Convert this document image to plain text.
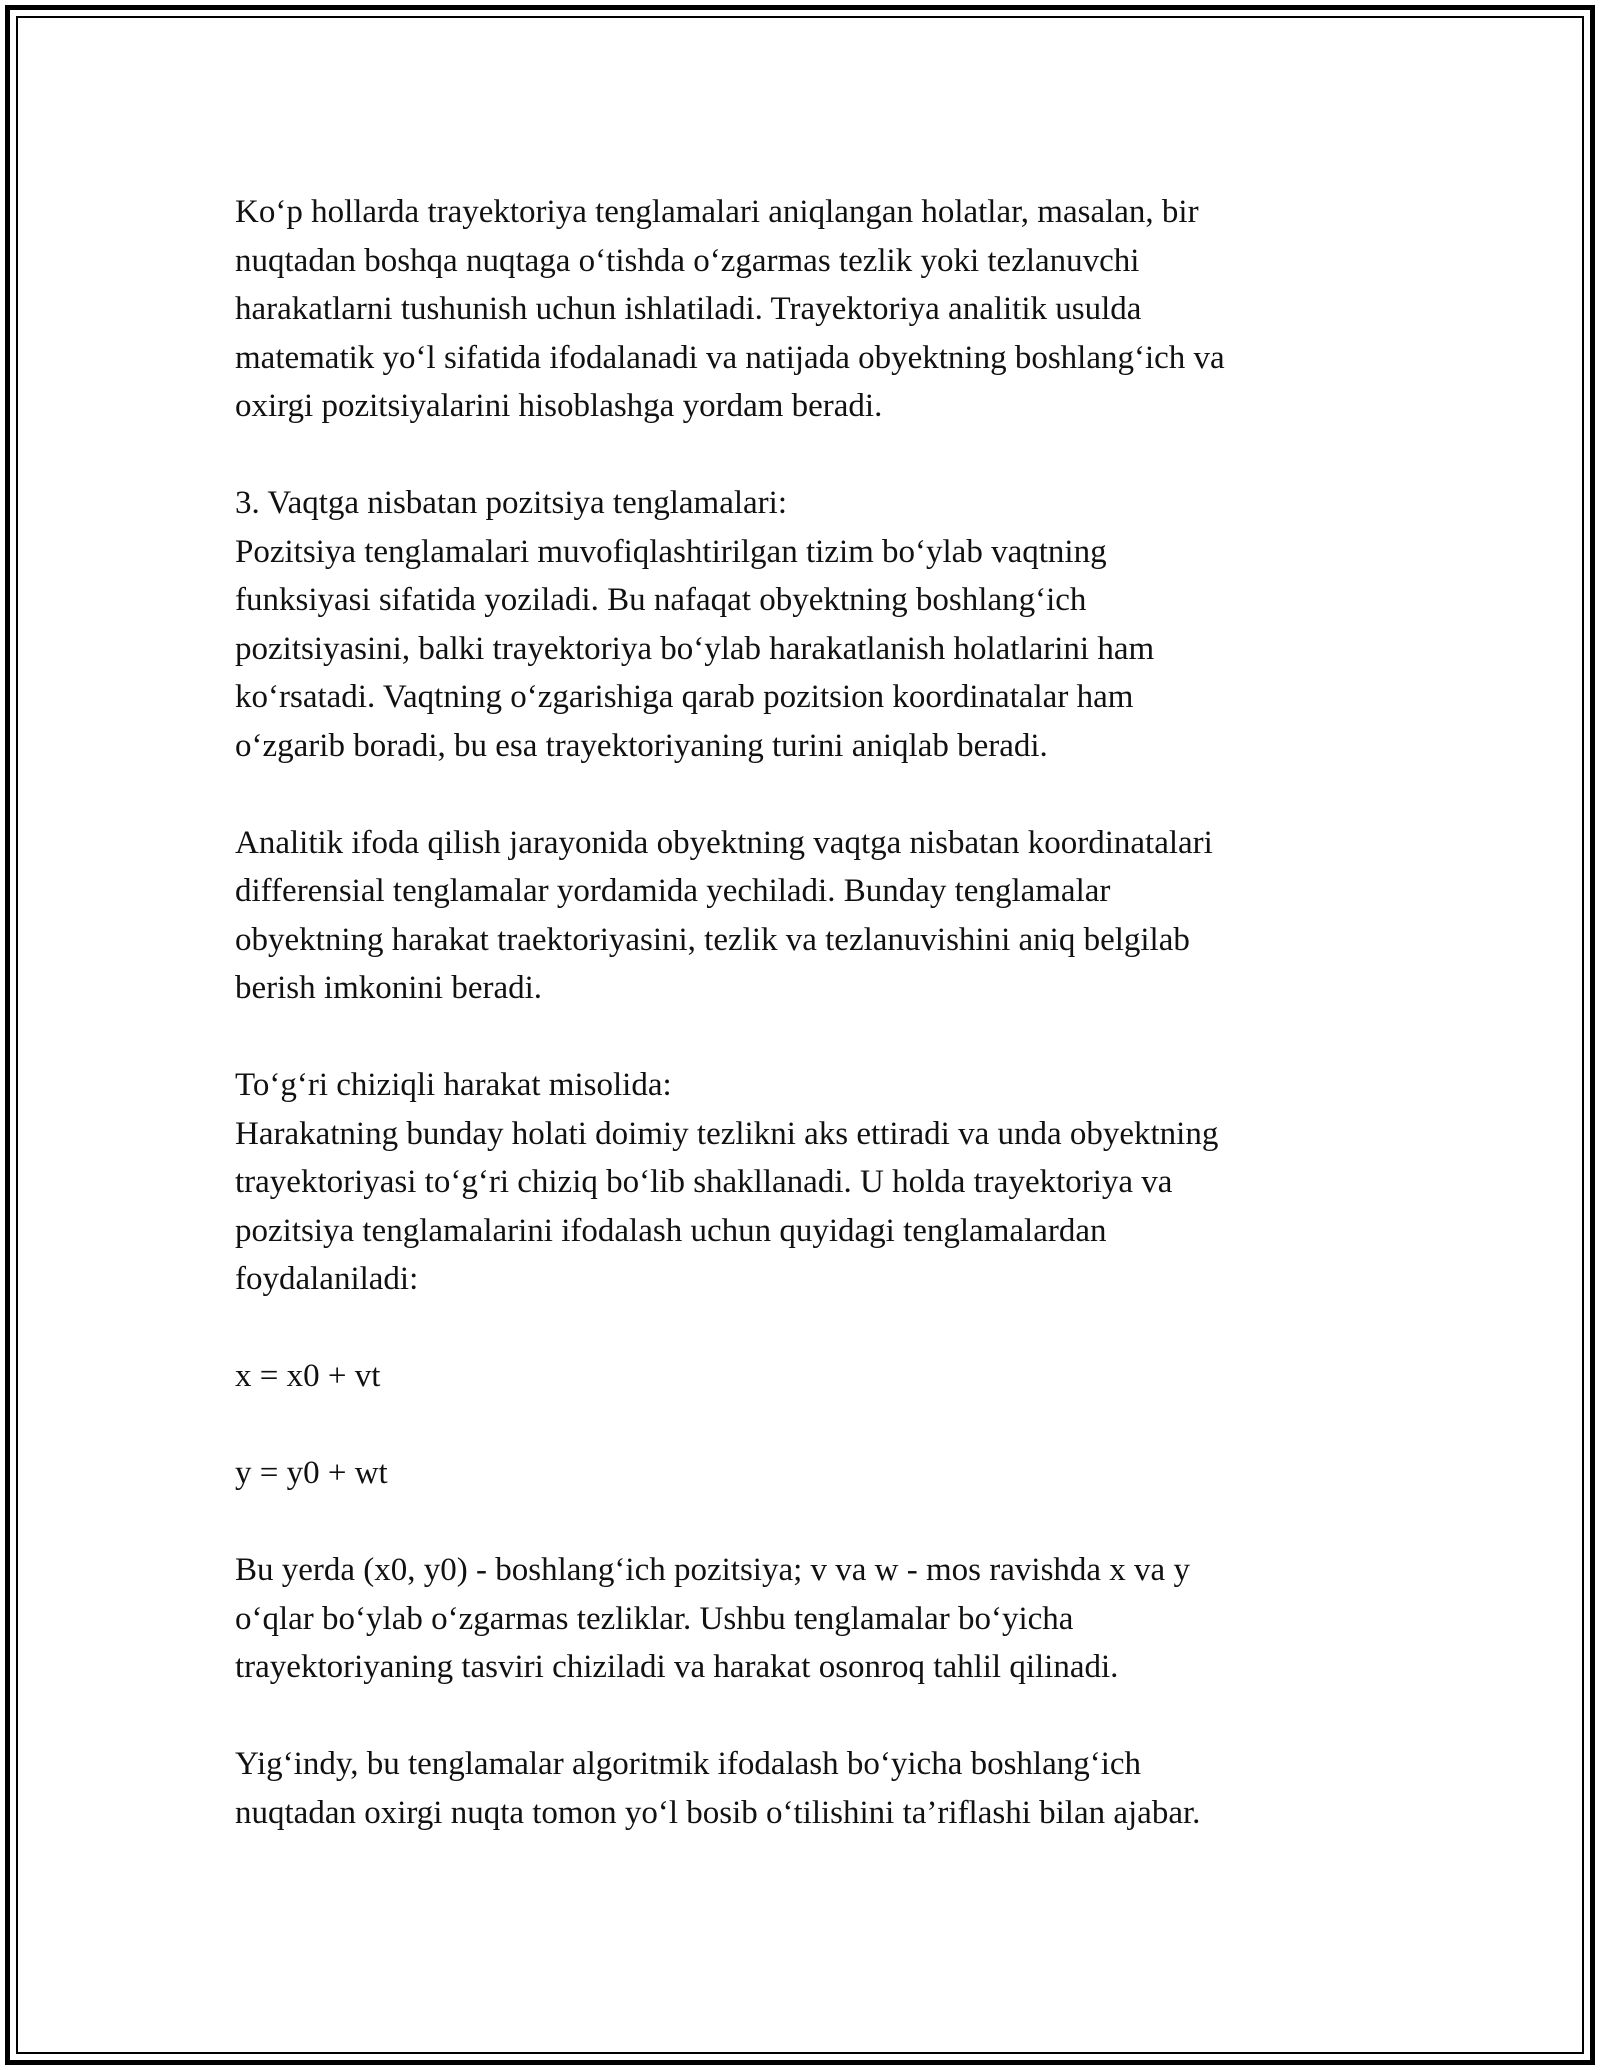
Ko‘p hollarda trayektoriya tenglamalari aniqlangan holatlar, masalan, bir
nuqtadan boshqa nuqtaga o‘tishda o‘zgarmas tezlik yoki tezlanuvchi
harakatlarni tushunish uchun ishlatiladi. Trayektoriya analitik usulda
matematik yo‘l sifatida ifodalanadi va natijada obyektning boshlang‘ich va
oxirgi pozitsiyalarini hisoblashga yordam beradi.

3. Vaqtga nisbatan pozitsiya tenglamalari:
Pozitsiya tenglamalari muvofiqlashtirilgan tizim bo‘ylab vaqtning
funksiyasi sifatida yoziladi. Bu nafaqat obyektning boshlang‘ich
pozitsiyasini, balki trayektoriya bo‘ylab harakatlanish holatlarini ham
ko‘rsatadi. Vaqtning o‘zgarishiga qarab pozitsion koordinatalar ham
o‘zgarib boradi, bu esa trayektoriyaning turini aniqlab beradi.

Analitik ifoda qilish jarayonida obyektning vaqtga nisbatan koordinatalari
differensial tenglamalar yordamida yechiladi. Bunday tenglamalar
obyektning harakat traektoriyasini, tezlik va tezlanuvishini aniq belgilab
berish imkonini beradi.

To‘g‘ri chiziqli harakat misolida:
Harakatning bunday holati doimiy tezlikni aks ettiradi va unda obyektning
trayektoriyasi to‘g‘ri chiziq bo‘lib shakllanadi. U holda trayektoriya va
pozitsiya tenglamalarini ifodalash uchun quyidagi tenglamalardan
foydalaniladi:

x = x0 + vt

y = y0 + wt

Bu yerda (x0, y0) - boshlang‘ich pozitsiya; v va w - mos ravishda x va y
o‘qlar bo‘ylab o‘zgarmas tezliklar. Ushbu tenglamalar bo‘yicha
trayektoriyaning tasviri chiziladi va harakat osonroq tahlil qilinadi.

Yig‘indy, bu tenglamalar algoritmik ifodalash bo‘yicha boshlang‘ich
nuqtadan oxirgi nuqta tomon yo‘l bosib o‘tilishini ta’riflashi bilan ajabar.
